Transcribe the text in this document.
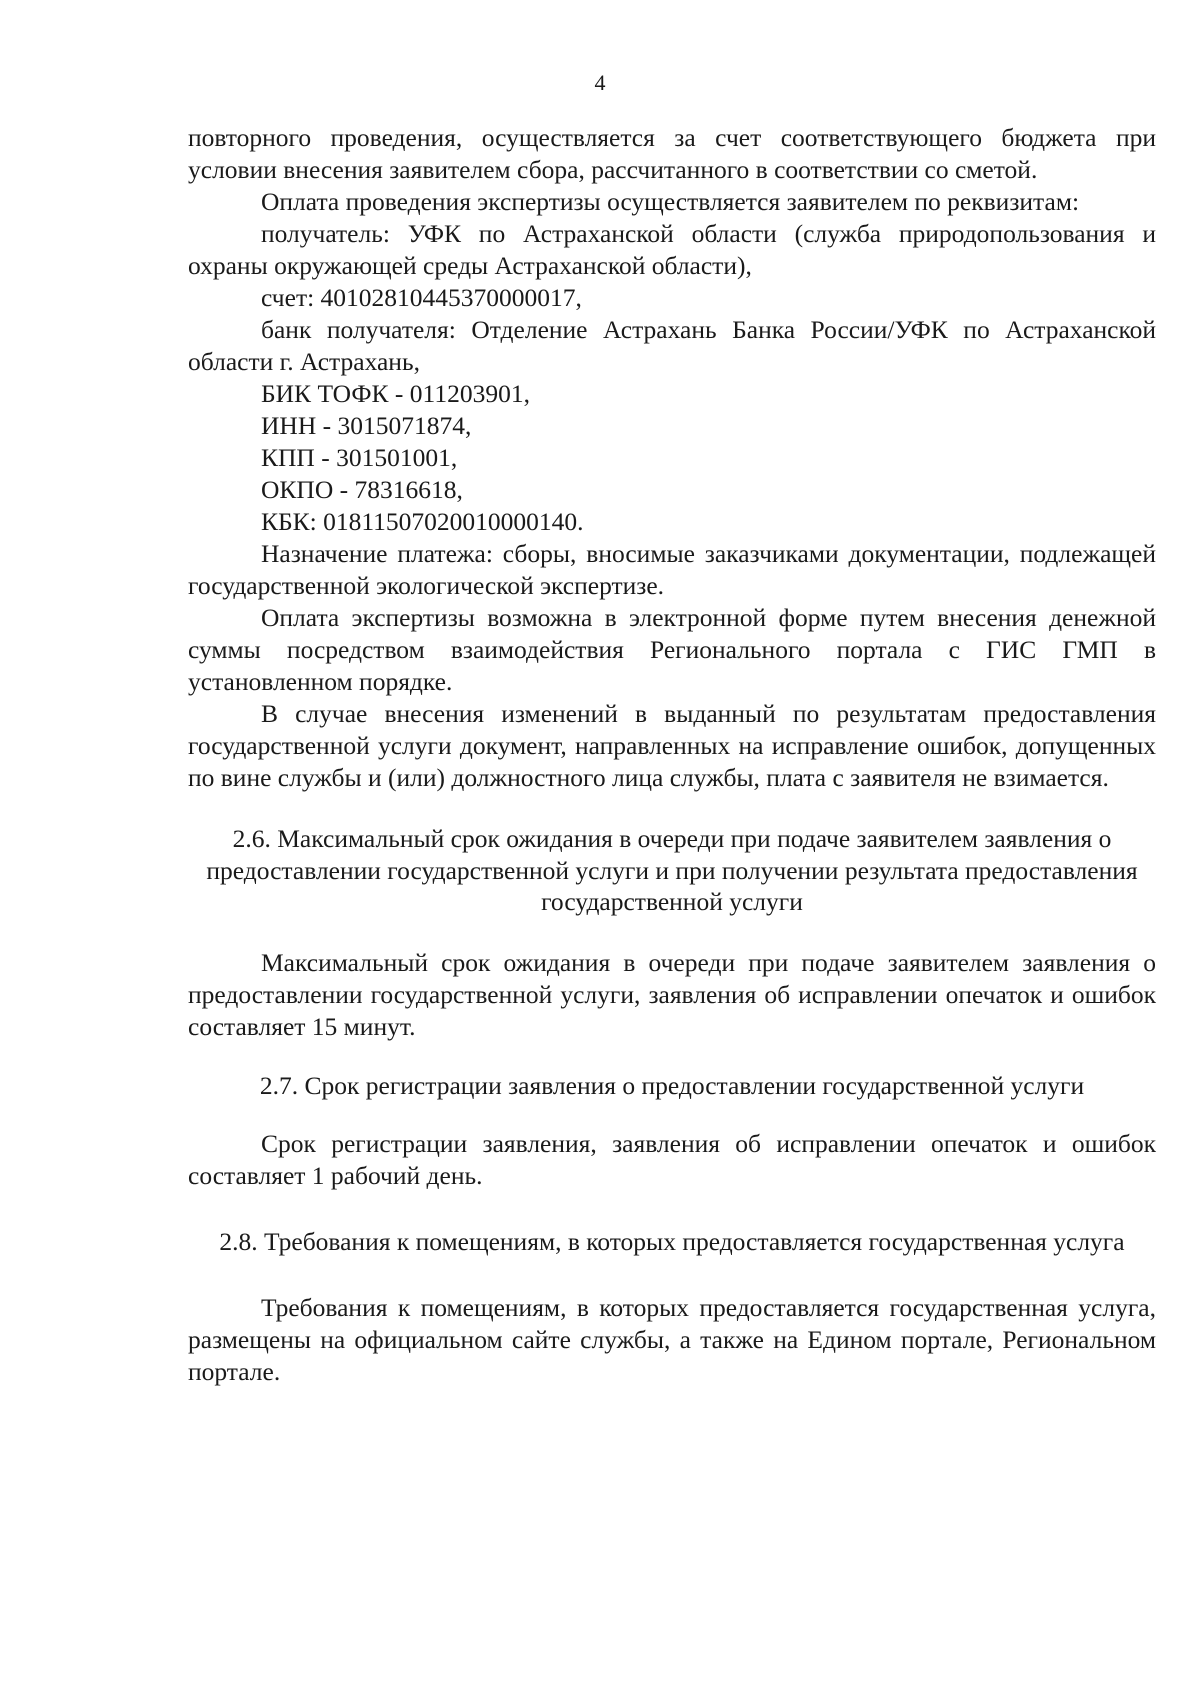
4

повторного проведения, осуществляется за счет соответствующего бюджета при условии внесения заявителем сбора, рассчитанного в соответствии со сметой.

Оплата проведения экспертизы осуществляется заявителем по реквизитам:

получатель: УФК по Астраханской области (служба природопользования и охраны окружающей среды Астраханской области),

счет: 40102810445370000017,

банк получателя: Отделение Астрахань Банка России/УФК по Астраханской области г. Астрахань,

БИК ТОФК - 011203901,

ИНН - 3015071874,

КПП - 301501001,

ОКПО - 78316618,

КБК: 01811507020010000140.

Назначение платежа: сборы, вносимые заказчиками документации, подлежащей государственной экологической экспертизе.

Оплата экспертизы возможна в электронной форме путем внесения денежной суммы посредством взаимодействия Регионального портала с ГИС ГМП в установленном порядке.

В случае внесения изменений в выданный по результатам предоставления государственной услуги документ, направленных на исправление ошибок, допущенных по вине службы и (или) должностного лица службы, плата с заявителя не взимается.

2.6. Максимальный срок ожидания в очереди при подаче заявителем заявления о предоставлении государственной услуги и при получении результата предоставления государственной услуги

Максимальный срок ожидания в очереди при подаче заявителем заявления о предоставлении государственной услуги, заявления об исправлении опечаток и ошибок составляет 15 минут.

2.7. Срок регистрации заявления о предоставлении государственной услуги

Срок регистрации заявления, заявления об исправлении опечаток и ошибок составляет 1 рабочий день.

2.8. Требования к помещениям, в которых предоставляется государственная услуга

Требования к помещениям, в которых предоставляется государственная услуга, размещены на официальном сайте службы, а также на Едином портале, Региональном портале.
